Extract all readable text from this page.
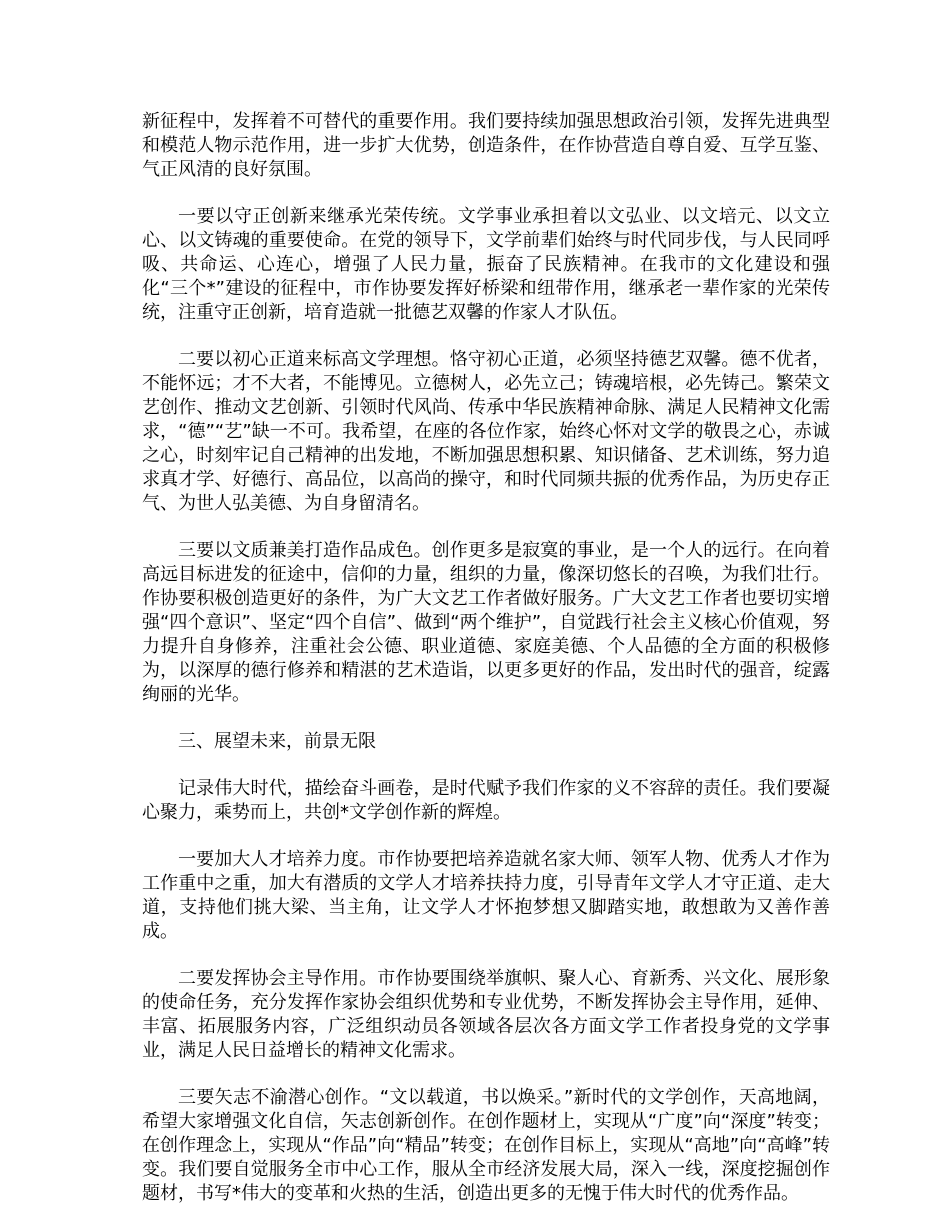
新征程中，发挥着不可替代的重要作用。我们要持续加强思想政治引领，发挥先进典型和模范人物示范作用，进一步扩大优势，创造条件，在作协营造自尊自爱、互学互鉴、气正风清的良好氛围。

一要以守正创新来继承光荣传统。文学事业承担着以文弘业、以文培元、以文立心、以文铸魂的重要使命。在党的领导下，文学前辈们始终与时代同步伐，与人民同呼吸、共命运、心连心，增强了人民力量，振奋了民族精神。在我市的文化建设和强化“三个*”建设的征程中，市作协要发挥好桥梁和纽带作用，继承老一辈作家的光荣传统，注重守正创新，培育造就一批德艺双馨的作家人才队伍。

二要以初心正道来标高文学理想。恪守初心正道，必须坚持德艺双馨。德不优者，不能怀远；才不大者，不能博见。立德树人，必先立己；铸魂培根，必先铸己。繁荣文艺创作、推动文艺创新、引领时代风尚、传承中华民族精神命脉、满足人民精神文化需求，“德”“艺”缺一不可。我希望，在座的各位作家，始终心怀对文学的敬畏之心，赤诚之心，时刻牢记自己精神的出发地，不断加强思想积累、知识储备、艺术训练，努力追求真才学、好德行、高品位，以高尚的操守，和时代同频共振的优秀作品，为历史存正气、为世人弘美德、为自身留清名。

三要以文质兼美打造作品成色。创作更多是寂寞的事业，是一个人的远行。在向着高远目标进发的征途中，信仰的力量，组织的力量，像深切悠长的召唤，为我们壮行。作协要积极创造更好的条件，为广大文艺工作者做好服务。广大文艺工作者也要切实增强“四个意识”、坚定“四个自信”、做到“两个维护”，自觉践行社会主义核心价值观，努力提升自身修养，注重社会公德、职业道德、家庭美德、个人品德的全方面的积极修为，以深厚的德行修养和精湛的艺术造诣，以更多更好的作品，发出时代的强音，绽露绚丽的光华。

三、展望未来，前景无限

记录伟大时代，描绘奋斗画卷，是时代赋予我们作家的义不容辞的责任。我们要凝心聚力，乘势而上，共创*文学创作新的辉煌。

一要加大人才培养力度。市作协要把培养造就名家大师、领军人物、优秀人才作为工作重中之重，加大有潜质的文学人才培养扶持力度，引导青年文学人才守正道、走大道，支持他们挑大梁、当主角，让文学人才怀抱梦想又脚踏实地，敢想敢为又善作善成。

二要发挥协会主导作用。市作协要围绕举旗帜、聚人心、育新秀、兴文化、展形象的使命任务，充分发挥作家协会组织优势和专业优势，不断发挥协会主导作用，延伸、丰富、拓展服务内容，广泛组织动员各领域各层次各方面文学工作者投身党的文学事业，满足人民日益增长的精神文化需求。

三要矢志不渝潜心创作。“文以载道，书以焕采。”新时代的文学创作，天高地阔，希望大家增强文化自信，矢志创新创作。在创作题材上，实现从“广度”向“深度”转变；在创作理念上，实现从“作品”向“精品”转变；在创作目标上，实现从“高地”向“高峰”转变。我们要自觉服务全市中心工作，服从全市经济发展大局，深入一线，深度挖掘创作题材，书写*伟大的变革和火热的生活，创造出更多的无愧于伟大时代的优秀作品。
